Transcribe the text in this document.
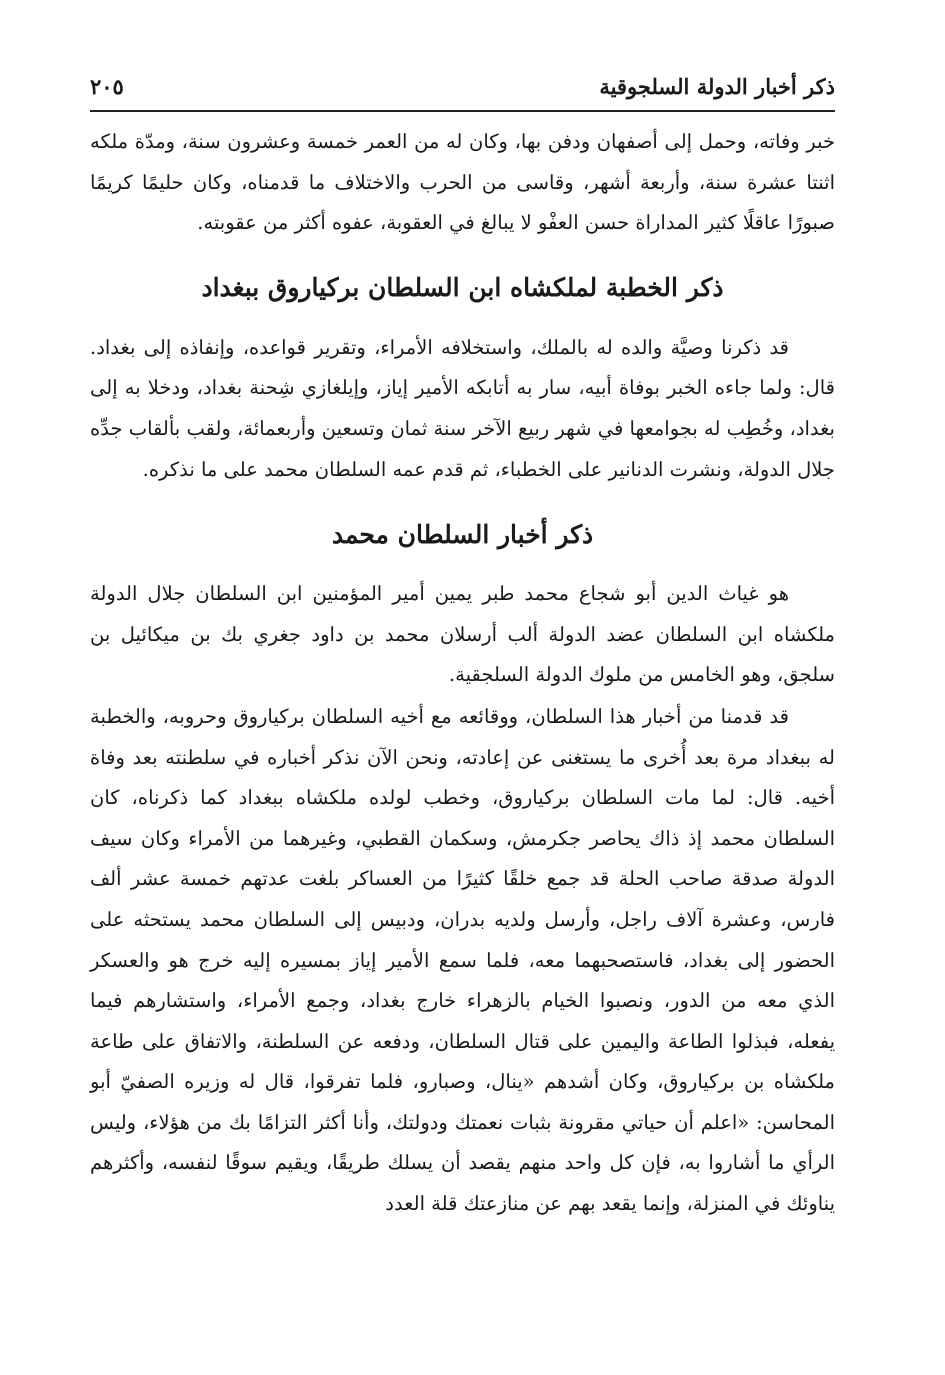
ذكر أخبار الدولة السلجوقية
٢٠٥

خبر وفاته، وحمل إلى أصفهان ودفن بها، وكان له من العمر خمسة وعشرون سنة، ومدّة ملكه اثنتا عشرة سنة، وأربعة أشهر، وقاسى من الحرب والاختلاف ما قدمناه، وكان حليمًا كريمًا صبورًا عاقلًا كثير المداراة حسن العفْو لا يبالغ في العقوبة، عفوه أكثر من عقوبته.

ذكر الخطبة لملكشاه ابن السلطان بركياروق ببغداد

قد ذكرنا وصيَّة والده له بالملك، واستخلافه الأمراء، وتقرير قواعده، وإنفاذه إلى بغداد. قال: ولما جاءه الخبر بوفاة أبيه، سار به أتابكه الأمير إياز، وإيلغازي شِحنة بغداد، ودخلا به إلى بغداد، وخُطِب له بجوامعها في شهر ربيع الآخر سنة ثمان وتسعين وأربعمائة، ولقب بألقاب جدِّه جلال الدولة، ونشرت الدنانير على الخطباء، ثم قدم عمه السلطان محمد على ما نذكره.

ذكر أخبار السلطان محمد

هو غياث الدين أبو شجاع محمد طبر يمين أمير المؤمنين ابن السلطان جلال الدولة ملكشاه ابن السلطان عضد الدولة ألب أرسلان محمد بن داود جغري بك بن ميكائيل بن سلجق، وهو الخامس من ملوك الدولة السلجقية.

قد قدمنا من أخبار هذا السلطان، ووقائعه مع أخيه السلطان بركياروق وحروبه، والخطبة له ببغداد مرة بعد أُخرى ما يستغنى عن إعادته، ونحن الآن نذكر أخباره في سلطنته بعد وفاة أخيه. قال: لما مات السلطان بركياروق، وخطب لولده ملكشاه ببغداد كما ذكرناه، كان السلطان محمد إذ ذاك يحاصر جكرمش، وسكمان القطبي، وغيرهما من الأمراء وكان سيف الدولة صدقة صاحب الحلة قد جمع خلقًا كثيرًا من العساكر بلغت عدتهم خمسة عشر ألف فارس، وعشرة آلاف راجل، وأرسل ولديه بدران، ودبيس إلى السلطان محمد يستحثه على الحضور إلى بغداد، فاستصحبهما معه، فلما سمع الأمير إياز بمسيره إليه خرج هو والعسكر الذي معه من الدور، ونصبوا الخيام بالزهراء خارج بغداد، وجمع الأمراء، واستشارهم فيما يفعله، فبذلوا الطاعة واليمين على قتال السلطان، ودفعه عن السلطنة، والاتفاق على طاعة ملكشاه بن بركياروق، وكان أشدهم «ينال، وصبارو، فلما تفرقوا، قال له وزيره الصفيّ أبو المحاسن: «اعلم أن حياتي مقرونة بثبات نعمتك ودولتك، وأنا أكثر التزامًا بك من هؤلاء، وليس الرأي ما أشاروا به، فإن كل واحد منهم يقصد أن يسلك طريقًا، ويقيم سوقًا لنفسه، وأكثرهم يناوئك في المنزلة، وإنما يقعد بهم عن منازعتك قلة العدد
